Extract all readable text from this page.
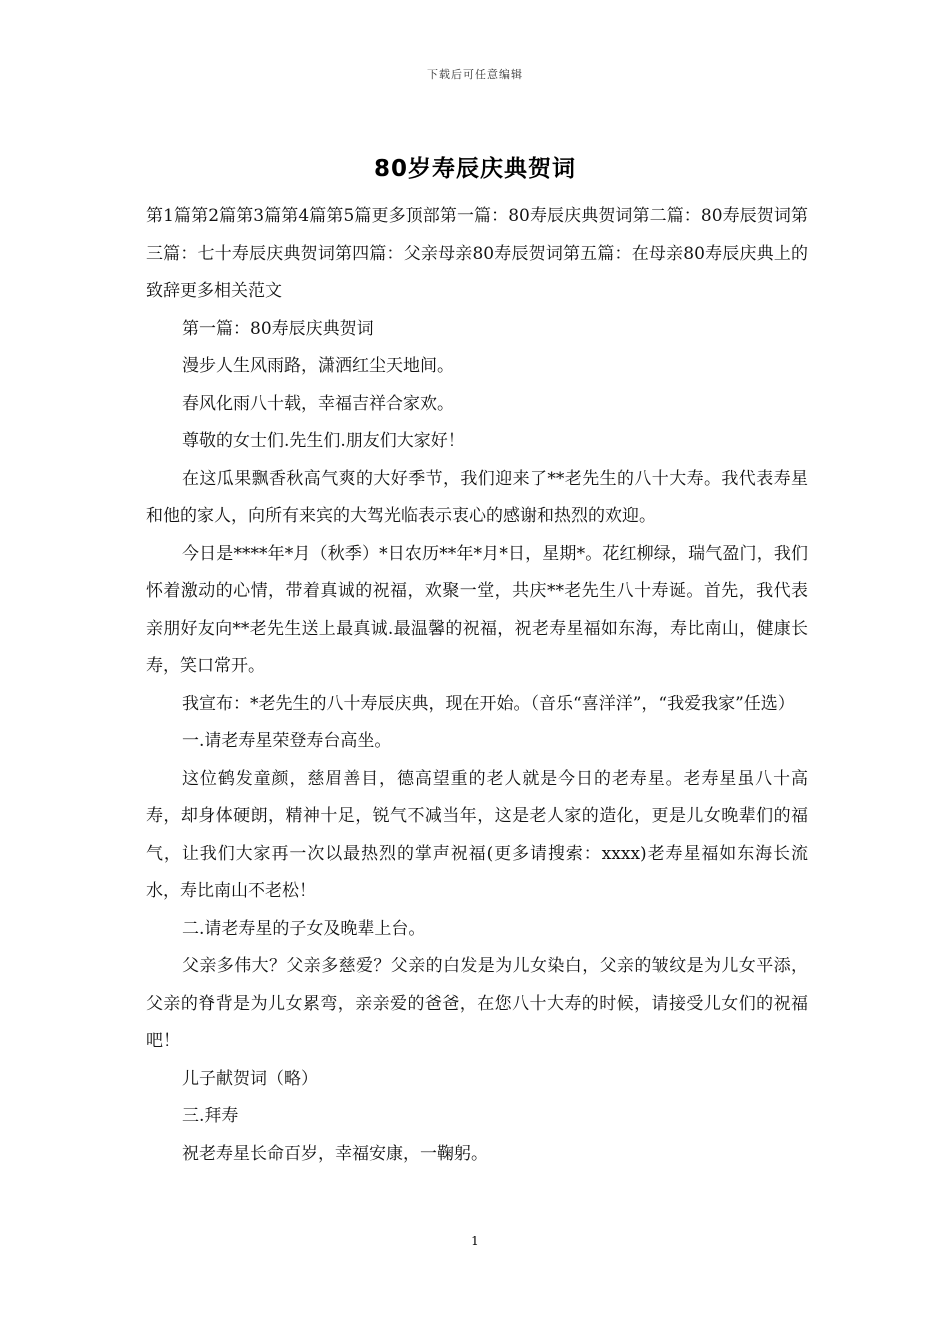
下载后可任意编辑
80岁寿辰庆典贺词

第1篇第2篇第3篇第4篇第5篇更多顶部第一篇：80寿辰庆典贺词第二篇：80寿辰贺词第三篇：七十寿辰庆典贺词第四篇：父亲母亲80寿辰贺词第五篇：在母亲80寿辰庆典上的致辞更多相关范文

第一篇：80寿辰庆典贺词

漫步人生风雨路，潇洒红尘天地间。

春风化雨八十载，幸福吉祥合家欢。

尊敬的女士们.先生们.朋友们大家好！

在这瓜果飘香秋高气爽的大好季节，我们迎来了**老先生的八十大寿。我代表寿星和他的家人，向所有来宾的大驾光临表示衷心的感谢和热烈的欢迎。

今日是****年*月（秋季）*日农历**年*月*日，星期*。花红柳绿，瑞气盈门，我们怀着激动的心情，带着真诚的祝福，欢聚一堂，共庆**老先生八十寿诞。首先，我代表亲朋好友向**老先生送上最真诚.最温馨的祝福，祝老寿星福如东海，寿比南山，健康长寿，笑口常开。

我宣布：*老先生的八十寿辰庆典，现在开始。（音乐“喜洋洋”，“我爱我家”任选）

一.请老寿星荣登寿台高坐。

这位鹤发童颜，慈眉善目，德高望重的老人就是今日的老寿星。老寿星虽八十高寿，却身体硬朗，精神十足，锐气不减当年，这是老人家的造化，更是儿女晚辈们的福气，让我们大家再一次以最热烈的掌声祝福(更多请搜索：xxxx)老寿星福如东海长流水，寿比南山不老松！

二.请老寿星的子女及晚辈上台。

父亲多伟大？父亲多慈爱？父亲的白发是为儿女染白，父亲的皱纹是为儿女平添，父亲的脊背是为儿女累弯，亲亲爱的爸爸，在您八十大寿的时候，请接受儿女们的祝福吧！

儿子献贺词（略）

三.拜寿

祝老寿星长命百岁，幸福安康，一鞠躬。

1
